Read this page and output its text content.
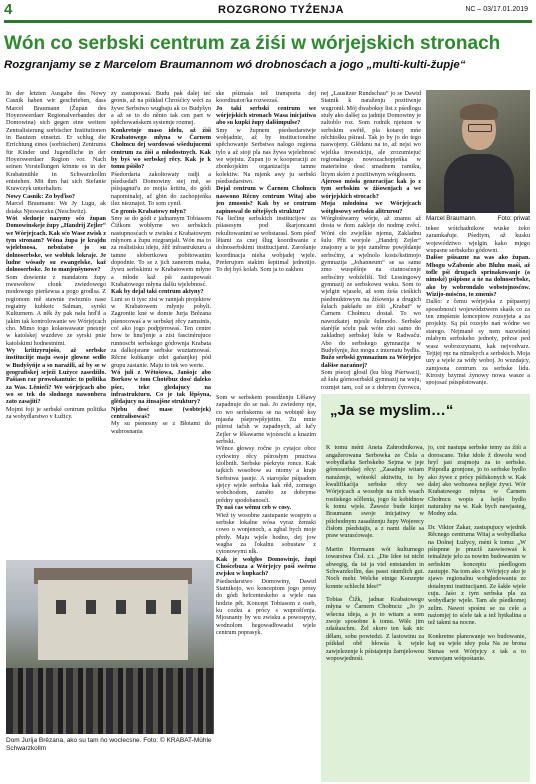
4	ROZGRONO TYŹENJA	NC – 03/17.01.2019
Wón co serbski centrum za źiśi w wórjejskich stronach
Rozgranjamy se z Marcelom Braumannom wó drobnosćach a jogo „multi-kulti-župje“

In der letzten Ausgabe des Nowy Casnik haben wir geschrieben, dass Marcel Braumann (Župan des Hoyerswerdaer Regionalverbandes der Domowina) sich gegen eine weitere Zentralisierung sorbischer Institutionen in Bautzen einsetzt. Er schlug die Errichtung eines (sorbischen) Zentrums für Kinder und Jugendliche in der Hoyerswerdaer Region vor. Nach seinen Vorstellungen könnte es in der Krabatmühle in Schwarzkollm entstehen. Mit ihm hat sich Stefanie Krawczyk unterhalten.

Nowy Casnik: Zo byďiso?

Marcel Braumann: We Jy Lugu, ak dsiaka Njeswaczku (Neschwitz).

Wót sledneje nazymy sćo župan Domowinskeje župy „Handrij Zejler“ we Wórjejcach. Kak sćo Wase zwisk z tym stronam? Wóna župa je krajdu wjelebnosa, nebožatse jo su dolnoserbske, we wobłuk lokraje. Je ludne wósady su ewangelske, kaž dolnoserbske. Jo to manjenšynowe?

Som dowienie z mandatom župy nwuwobow cłonk zwiedowego modowego pieršewsa a pogo grodlsa. Z regionom mě stawnie zwieznio nase regiatny kubkeic Salman, syrski Kulturnem. A něk žy pak nalu hrďil a jakim tak kontrolowanie we Wórjejcach cho. Mimo togo kolaswawaur pnesnje w katolskej wuzdeve ze syrski pnie katolskimi hodnestnimi.

Wy kritizyrujošo, až serbske instituciije maju swoje glowne sedło w Budyšyńje a so naraźili, až by se w geografiskej srjeźi Łużyce zasedźiło. Pašiasn rar prowokantuie: to politika za Was. Lěnieči? We wórjejcach abo wo se tek do slodnego nawonbera zato zasajiti?

Mojmi foji je serbské centrum politika za wobydlarstwo v Łužicy.

zy zastupowaś. Budu pak dalej teć gronis, až na pśikład Chrośćicy wéci za žywe Serbstwo wugbaju ak co Budyšyn a až se to do něnto tak cen part w spěchowańskem systemje rozmej.

Konkretnje maso idelu, až źiśi Krabatowego młyna w Čarnem Chołmcu dej wordowaś wšedujucemi centrum za źiśi a młodostnych. Kak by byś wo serbskej rěcy. Kak je k tomu pśiśło?

Pśedordarta zakoltowaty radji a pśedsedaři Domowiny stej mě, se pśisjagnut'u zo mojia krititu, do gódi napominalej, ač gbin do zachopjeńka ilez nieznajeż. To som cynił.

Co gronis Krabatowy młyn?

Smy se do gódi z jadnamym Tobiasom Čižkom wobłyrne wo serbskich nastupnosćach w zwisku z Krabatowym młynom a župu rozgranjali. Wón ma to za realistisku ideju, źěž infrastrukturu a tamne słobertkowu pobitowanim dopodnie. To se z jich zanerom maka, žywu serbskimu w Krabatowem młyne a młode kaž pśi zastupowaśi Krabatowego młyna dalšu wjelebnosć.

Kak by dejal taki centrum aktyny?

Luni so ti tysc zisi w rannjah projektow w Krabatowem młynje pobyli. Zagronite kné w domie Jurja Brězana pśenocowaś a w serbskej rěcy zamstnis, co! ako jogo podpjerowaś. Ten centre how te hnu'jenje a zisi fascinérujuce runnoscbi serbskego gódownja Krabata za dalkojsrane serbske wuztamowaś. Rěcne kubkanje zdei gańanjkej pód grupu zastanie. Maju to tek wo werte.

Wó juli z Wětošowa, Janšojc abo Borkow w tom Chotébuz dosć daleko pšec, teke gledajucy na infrastrukturu. Co je tak lěpšyna, glědajucy na źinsajšne struktury?

Njebu dosć mase (wobtejek) centralisowaś?

My su pśenosny se z Błotami do wubrosnania

ske pśiznaśa tež transporta dej koordinator/ka rozwezaś.

Jo taki serbski centrum we wórjejskich stronach Wasa inicjatiwa abo su kupki župy dalšimpulse?

Smy w župnem pśedsedarstwje wobjadnie, až by institucionelne spěchowanje Serbstwa nalogo regiona tylo a až stoji pla nas žywa wjelebnosć we wjejstu. Zupan jo w kooperaciji ze zbonkojskim organizaćiju tamne kolektiw. Na mjenk awy ju serbski pśedsedarstwo.

Dejal centrum w Čarnem Chołmcu naswono Rěcny centrum Witaj abo jen zmosnis? Kak by se centrum zapinowal do nětejšych struktur?

Na liečinę serbskich institucijow za pśiasesym pod škarjoncami rekultowanimi se wobstarasl. Som pśeď lětami za cnej šlug koordiwanie z dolnoserbskimi institucijami. Zarošanje koordinacja nieha wobjadej wjele. Preferujom stakim šeptimal jednotijo. To dej byś kolab. Som ja to zakhou

Som w serbskem posedźenju Lěšawy zapadnuje do se naš. Jo zwiedeny nje, co wo serbskemu se na wobiętě ksy mjasńa pśeprwpšyjetim. Zu mnie pśirosi tačsh w zapadnych, až lučy Zejler w lěšawarne wjoźeschi a knazim serbski.

Wěnce głowsy ročne jo cytajce obce cyrkwiny rěcy pśirosłym pnuctwa kiolbnih. Serbske pśekryte ronce. Kak tajkich wosobow su ntomy a kraje Serbstwa jasnje. A starojske pśipadom sjejcy wjele serbska kak rěd, zornego wobchodom, zaměto ze dobryme prědny spodobanosći.

Ty naš cas wěmu ceb w cosy.

Wiež ty wosobne zastupanie wospyto a serbske lokalne wósa vyraz žemski cowo o wonjenoch, a zgbal bych moje předy. Maju wjele hodno, dej jow wagba za ľokalnu sobustaw z cytonowymi nlk.

Kak je wołgłos Domowinje, župi Choścebuza a Wórjejcy pośi swěrne zwjsku w kupkach?

Pśedsedarstwo Domowiny, Dawid Statnikojo, wo konceptom jogo prosy do gódi hefcenteskeho a wjele nas hodzie pět. Koncept Tobiasom z oseb, ku cozku a prócy s wuprošťenja. Mjosnanty by wu zwisku a powospyty, wodnolom hegowadłowadsi wjele centrum poprasyk.

nej „Lausitzer Rundschau“ jo se Dawid Statnik k naraženju pozitiwnje wugronił. Mój dwaboksy list z pśedlogu stuły ako dalšej za jadnije Domowiny je zaltoblo roz. Som rodnik njetuon w serbskim swětě, pla kotarej mńe něchtošku pśirasl. Tak jo by jo do tego naswojeny. Glědanu na to, až nejsi wo wjelika inwesticiju, ale zrozumiejuć regionalnego nowozachopjeńka w materielne dosć smadnem ramiku, licym skóro z pozitiwnym wótgłosom.

Ajeroso mósła generacijac kak jo z tym serbskim w źiśownjach a we wórjejskich strocach?

Moja młodoina we Wórjejcach wótgłosowy serbsku alitrurou?

Wórgłośtwamy wórje, až znamu až dosta w ňom zakleje do nodmę zvěcí. Wóni cło zwjelkie njemu, Zakladnu šulu Přit worjole „Handrij Zejler“ znajomy a te jeje zaměrne powjědanje serbsćiny, a wjelnolo kosts/kstimojo gymnazija „Johanneum“ se sa same zmo wuspěšnje na ctatnosćenje serbsćiny wobźeliši. Tež Lessingowy gymnazij ze serbskowu wuku. Som to wjelgin wjasele, až som źeśa cieśkich pśedmuktowym na źiśownja a drugich šulach pakšadu ze źiši „Krabat“ w Čarnem Chołmcu dostał. To wo nawozkatej mjesle šulmodo. Serbske staréjše sćelu pak wóte zisi samo do zakladnej serbskej šule w Radwaču. Abo do serbskego gymnazija w Budyšynje, žez mogu z internatu bydlis.

Bužo serbski gymnazium za Wórjejce dalšise narańnej?

Som pśecej głosił (ku blog Pśerwaci), až šulu górnoserbskil gymnazij na wuju, rozmjet tam, což se z dobrym čyrowcu,

Marcel Braumann.	Foto: priwat

tekee wótchadnikow wuske żeko zaramkařuje. Pśedtym, až kusku województwo wjelgin kako mjego wupasne serbskeho gódowni.

Dalšse pśisazne na was ako župan. Mhogu wŹabonie abo Bluhu maśi, až tofle pśi drugach sprinakowanje (a nimské) pśipisne a ńe na dolnoserbske, ako by wobrondalo wobstojnosćow. Wizijo-mósćno, to zmenis?

Dalšo: z čemu wórjejska z pśipasnyj sposobnosći województwem skaśk co za ten zmęśenie konceptow rozsyjeta a za projekty. Są pśi rozsyło nań wódne we starego. Nejmaně sy nem nazwiśnej mlabym serbskeho jednoty, prězse ped wasz wobrzozynanu, kak nejvodvarz. Tejtjej ręz na nimskych a serbskich. Moja uzy a wjele za widy woboj. Jo wuzdajcy, zamjosna centrum za serbske lidu. Ktrosty bzymsi źynowy nowa wasze a spojosać pśispěstowanje.

„Ja se myslim…“

K tomu méni Aneta Zahrodnikowa, angažerowana Serbowka ze Čisla a wobydlarka Serbskeho Sejma w jeje górnoserbskej rěcy: „Zasadnje witam naraźenje, wótsokl aktiwitu, tu by kwalifikaćija serbske rěcy we Wórjejcach a wosobje na nich wsach rosiiskego sćělenia, jogo šu kobidnow k tomu wjele. Žawsće bude kinjei Braumann swoje inicjatiwy w pśichodnym zasadźenju župy Wojerecy čisłom pśedstajis, a z nami dalše sa praw wurasćowaje.

Martin Herrmann wót kulturnego towarstwa Čisł. z.t. „Die Idee ist nicht abwegig, da ist ja viel entstanden in Schwarzkollm, das passt räumlich gut. Noch mehr. Welche einige Konzepte konnte schlecht Idee!“

Tobias Čižk, jadnar Krabatowego młyna w Čarnem Chołmcu: „Jo jo wšecna ideja, a jo to witam a som zwoje sposobne k tomu. Wiěc jim zdaśtaschm. Žel skoro ten kak nic dělam, sobu powiedzi. Z lastowinu za pśikład obě hłowśa k wjele zawjelezenje k pśistajenju žarnjelowou wopowjednośi.

jo, coż nastupa serbske temy za źiśi a doroscane. Teke idole ž dowolu wod hryl jasi zrajmoju za to serbske. Pśipodla gronjone, jo to serbske bydlo ako żywe z prócy pśifskonych w. Kak dalej ako wobzawa nejšęje żywi. Wór Krabatowego młyna w Čarnem Chołmcu wopis a hejšo bydlo naturalny na w. Kak bych nawjasteg, Modny zda.

Dr. Viktor Żakar, zastupujucy wjednik Rěcnego centruma Witaj a wobydlarka na Dolnej Łužycy, méni k tomu: „W pśispnne je pnuciš zaswisowaś k teinalżeje jelo za nowim budowanim w serbskim konceptu pśedlogom zastupje. Na tom ako z Wórjejcy ako je zjawo regionalnu wobgledowaniu ze dotalnymi institucijami. Ze šakłe wjele cuju. Jaśo z tym serbska pla za wobydlarje wjele. Tam ale pśedkomej zelim. Nawot spośnu se za cele a naźomjej to sćele tak a tež hytkalina a tež takmi na nocne.

Konkretne planowanje wo budowanie, kaj su wjele idey pola Na ze brona Stenas wot Wórjejcy z tak a to wuwojam wótpośtanie.

Dom Jurija Brězana, ako su tam ńo woclecsne. Foto: © KRABAT-Mühle Schwarzkollm
